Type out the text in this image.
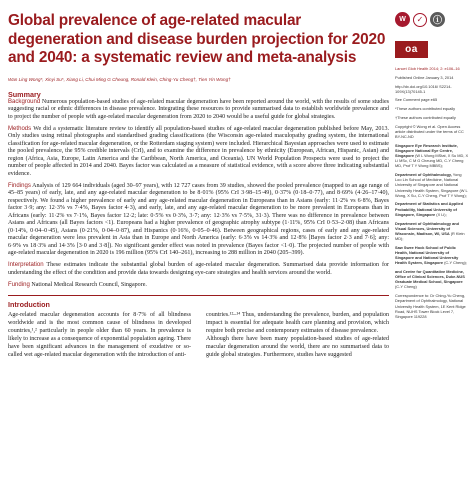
Global prevalence of age-related macular degeneration and disease burden projection for 2020 and 2040: a systematic review and meta-analysis
Wan Ling Wong*, Xinyi Su*, Xiang Li, Chui Ming G Cheung, Ronald Klein, Ching-Yu Cheng†, Tien Yin Wong†
Summary

Background Numerous population-based studies of age-related macular degeneration have been reported around the world, with the results of some studies suggesting racial or ethnic differences in disease prevalence. Integrating these resources to provide summarised data to establish worldwide prevalence and to project the number of people with age-related macular degeneration from 2020 to 2040 would be a useful guide for global strategies.

Methods We did a systematic literature review to identify all population-based studies of age-related macular degeneration published before May, 2013. Only studies using retinal photographs and standardised grading classifications (the Wisconsin age-related maculopathy grading system, the international classification for age-related macular degeneration, or the Rotterdam staging system) were included. Hierarchical Bayesian approaches were used to estimate the pooled prevalence, the 95% credible intervals (CrI), and to examine the difference in prevalence by ethnicity (European, African, Hispanic, Asian) and region (Africa, Asia, Europe, Latin America and the Caribbean, North America, and Oceania). UN World Population Prospects were used to project the number of people affected in 2014 and 2040. Bayes factor was calculated as a measure of statistical evidence, with a score above three indicating substantial evidence.

Findings Analysis of 129 664 individuals (aged 30–97 years), with 12 727 cases from 39 studies, showed the pooled prevalence (mapped to an age range of 45–85 years) of early, late, and any age-related macular degeneration to be 8·01% (95% CrI 3·98–15·49), 0·37% (0·18–0·77), and 8·69% (4·26–17·40), respectively. We found a higher prevalence of early and any age-related macular degeneration in Europeans than in Asians (early: 11·2% vs 6·8%, Bayes factor 3·9; any: 12·3% vs 7·4%, Bayes factor 4·3), and early, late, and any age-related macular degeneration to be more prevalent in Europeans than in Africans (early: 11·2% vs 7·1%, Bayes factor 12·2; late: 0·5% vs 0·3%, 3·7; any: 12·3% vs 7·5%, 31·3). There was no difference in prevalence between Asians and Africans (all Bayes factors <1). Europeans had a higher prevalence of geographic atrophy subtype (1·11%, 95% CrI 0·53–2·08) than Africans (0·14%, 0·04–0·45), Asians (0·21%, 0·04–0·87), and Hispanics (0·16%, 0·05–0·46). Between geographical regions, cases of early and any age-related macular degeneration were less prevalent in Asia than in Europe and North America (early: 6·3% vs 14·3% and 12·8% [Bayes factor 2·3 and 7·6]; any: 6·9% vs 18·3% and 14·3% [3·0 and 3·8]). No significant gender effect was noted in prevalence (Bayes factor <1·0). The projected number of people with age-related macular degeneration in 2020 is 196 million (95% CrI 140–261), increasing to 288 million in 2040 (205–399).

Interpretation These estimates indicate the substantial global burden of age-related macular degeneration. Summarised data provide information for understanding the effect of the condition and provide data towards designing eye-care strategies and health services around the world.

Funding National Medical Research Council, Singapore.

Introduction
Age-related macular degeneration accounts for 8·7% of all blindness worldwide and is the most common cause of blindness in developed countries,¹,² particularly in people older than 60 years. In prevalence is likely to increase as a consequence of exponential population ageing. There have been significant advances in the management of exudative or so-called wet age-related macular degeneration with the introduction of anti-
countries.¹²–¹⁴ Thus, understanding the prevalence, burden, and population impact is essential for adequate health care planning and provision, which require both precise and contemporary estimates of disease prevalence.
Although there have been many population-based studies of age-related macular degeneration around the world, there are no summarised data to guide global strategies. Furthermore, studies have suggested
W	✓	ⓘ
oa

Lancet Glob Health 2014; 2: e106–16

Published Online January 3, 2014

http://dx.doi.org/10.1016/ S2214-109X(13)70145-1

See Comment page e65

*These authors contributed equally

†These authors contributed equally

Copyright © Wong et al. Open Access article distributed under the terms of CC BY-NC-ND

Singapore Eye Research Institute, Singapore National Eye Centre, Singapore (W L Wong MStat, X Su MD, X Li MSc, C M G Cheung MD, C-Y Cheng MD, Prof T Y Wong MBBS);

Department of Ophthalmology, Yong Loo Lin School of Medicine, National University of Singapore and National University Health System, Singapore (W L Wong, X Su, C-Y Cheng, Prof T Y Wong);

Department of Statistics and Applied Probability, National University of Singapore, Singapore (X Li);

Department of Ophthalmology and Visual Sciences, University of Wisconsin, Madison, WI, USA (R Klein MD);

Saw Swee Hock School of Public Health, National University of Singapore and National University Health System, Singapore (C-Y Cheng);

and Centre for Quantitative Medicine, Office of Clinical Sciences, Duke-NUS Graduate Medical School, Singapore (C-Y Cheng)

Correspondence to: Dr Ching-Yu Cheng, Department of Ophthalmology, National University Health System, 1E Kent Ridge Road, NUHS Tower Block Level 7, Singapore 119228
